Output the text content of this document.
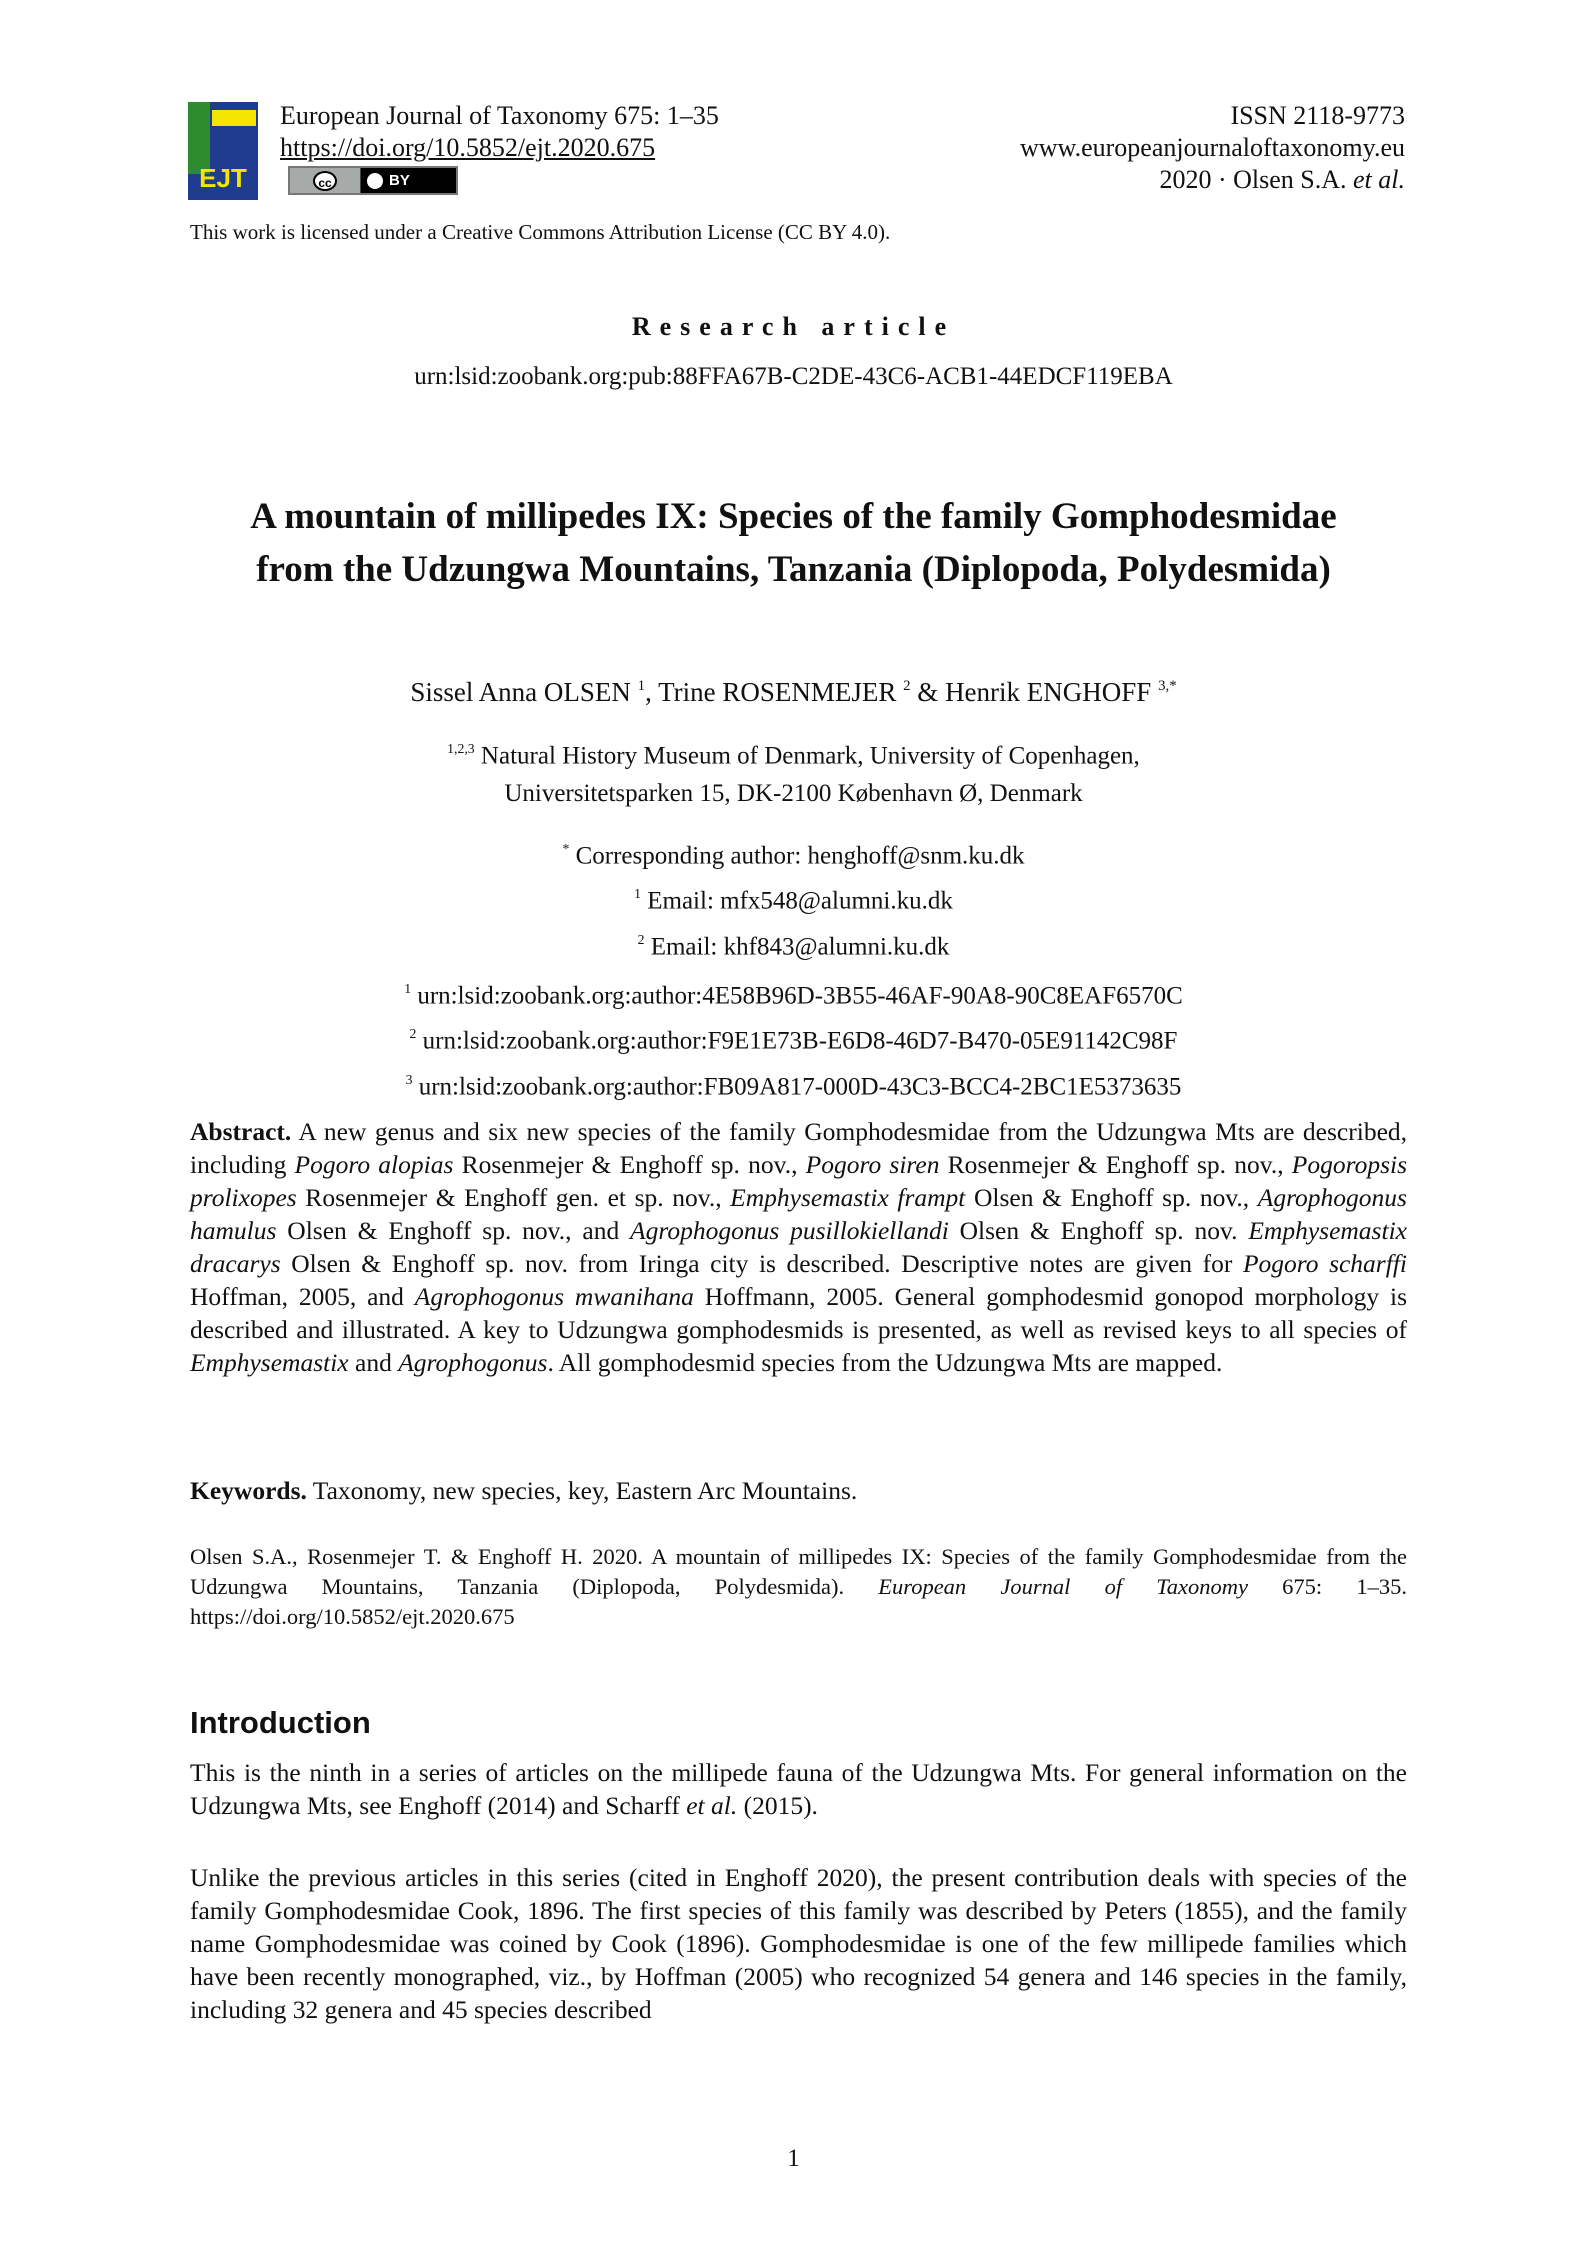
EJT
European Journal of Taxonomy 675: 1–35
https://doi.org/10.5852/ejt.2020.675
cc	BY
ISSN 2118-9773
www.europeanjournaloftaxonomy.eu
2020 · Olsen S.A. et al.
This work is licensed under a Creative Commons Attribution License (CC BY 4.0).
Research article
urn:lsid:zoobank.org:pub:88FFA67B-C2DE-43C6-ACB1-44EDCF119EBA
A mountain of millipedes IX: Species of the family Gomphodesmidae
from the Udzungwa Mountains, Tanzania (Diplopoda, Polydesmida)
Sissel Anna OLSEN $^1$, Trine ROSENMEJER $^2$ & Henrik ENGHOFF $^{3,*}$
$^{1,2,3}$ Natural History Museum of Denmark, University of Copenhagen,
Universitetsparken 15, DK-2100 København Ø, Denmark
* Corresponding author: henghoff@snm.ku.dk
$^1$ Email: mfx548@alumni.ku.dk
$^2$ Email: khf843@alumni.ku.dk
$^1$ urn:lsid:zoobank.org:author:4E58B96D-3B55-46AF-90A8-90C8EAF6570C
$^2$ urn:lsid:zoobank.org:author:F9E1E73B-E6D8-46D7-B470-05E91142C98F
$^3$ urn:lsid:zoobank.org:author:FB09A817-000D-43C3-BCC4-2BC1E5373635
Abstract. A new genus and six new species of the family Gomphodesmidae from the Udzungwa Mts are described, including Pogoro alopias Rosenmejer & Enghoff sp. nov., Pogoro siren Rosenmejer & Enghoff sp. nov., Pogoropsis prolixopes Rosenmejer & Enghoff gen. et sp. nov., Emphysemastix frampt Olsen & Enghoff sp. nov., Agrophogonus hamulus Olsen & Enghoff sp. nov., and Agrophogonus pusillokiellandi Olsen & Enghoff sp. nov. Emphysemastix dracarys Olsen & Enghoff sp. nov. from Iringa city is described. Descriptive notes are given for Pogoro scharffi Hoffman, 2005, and Agrophogonus mwanihana Hoffmann, 2005. General gomphodesmid gonopod morphology is described and illustrated. A key to Udzungwa gomphodesmids is presented, as well as revised keys to all species of Emphysemastix and Agrophogonus. All gomphodesmid species from the Udzungwa Mts are mapped.
Keywords. Taxonomy, new species, key, Eastern Arc Mountains.
Olsen S.A., Rosenmejer T. & Enghoff H. 2020. A mountain of millipedes IX: Species of the family Gomphodesmidae from the Udzungwa Mountains, Tanzania (Diplopoda, Polydesmida). European Journal of Taxonomy 675: 1–35. https://doi.org/10.5852/ejt.2020.675
Introduction
This is the ninth in a series of articles on the millipede fauna of the Udzungwa Mts. For general information on the Udzungwa Mts, see Enghoff (2014) and Scharff et al. (2015).
Unlike the previous articles in this series (cited in Enghoff 2020), the present contribution deals with species of the family Gomphodesmidae Cook, 1896. The first species of this family was described by Peters (1855), and the family name Gomphodesmidae was coined by Cook (1896). Gomphodesmidae is one of the few millipede families which have been recently monographed, viz., by Hoffman (2005) who recognized 54 genera and 146 species in the family, including 32 genera and 45 species described
1
